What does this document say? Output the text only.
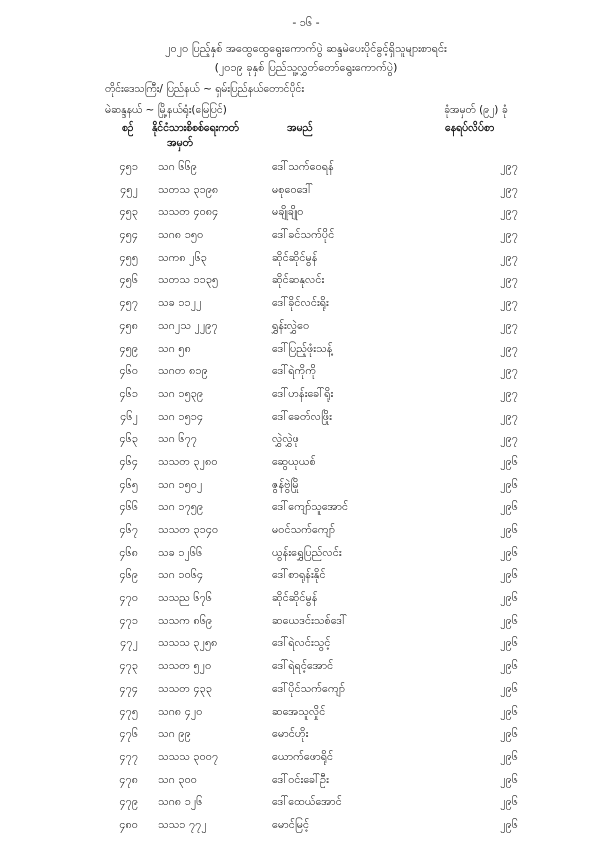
- ၁၆ -
၂၀၂၀ ပြည့်နှစ် အထွေထွေရွေးကောက်ပွဲ ဆန္ဒမဲပေးပိုင်ခွင့်ရှိသူများစာရင်း
(၂၀၁၉ ခုနှစ် ပြည်သူ့လွှတ်တော်ရွေးကောက်ပွဲ)
တိုင်းဒေသကြီး/ ပြည်နယ် ~ ရှမ်းပြည်နယ်တောင်ပိုင်း
မဲဆန္ဒနယ် ~ မြို့နယ်ရုံး(မြေပြင်)	ခုံအမှတ် (၉၂) ခုံ
စဉ် နိုင်ငံသားစိစစ်ရေးကတ်
အမှတ်
အမည်	နေရပ်လိပ်စာ
၄၅၁ သဂ ၆၆၉	ဒေါ်သက်ဝေရန်	၂၉၇
၄၅၂ သတသ ၃၁၉၈	မစုဝေဒေါ်	၂၉၇
၄၅၃ သသတ ၄၀၈၄	မချိုချို၀	၂၉၇
၄၅၄ သဂ၈ ၁၅၀	ဒေါ်ခင်သက်ပိုင်	၂၉၇
၄၅၅ သက၈ ၂၆၃	ဆိုင်ဆိုင်မွန်	၂၉၇
၄၅၆ သတသ ၁၁၃၅	ဆိုင်ဆနုလင်း	၂၉၇
၄၅၇ သခ ၁၁၂၂	ဒေါ်ခိုင်လင်းရိုး	၂၉၇
၄၅၈ သဂ၂သ ၂၂၉၇	ရွှန်းလွှဲဝေ	၂၉၇
၄၅၉ သဂ ၅၈	ဒေါ်ပြည့်ဖုံးသန့်	၂၉၇
၄၆၀ သဂတ ၈၁၉	ဒေါ်ရဲကိုကို	၂၉၇
၄၆၁ သဂ ၁၅၃၉	ဒေါ်ဟန်းခေါ်ရိုး	၂၉၇
၄၆၂ သဂ ၁၅၁၄	ဒေါ်ခေတ်လဖြိုး	၂၉၇
၄၆၃ သဂ ၆၇၇	လွှဲလွှဲဖု	၂၉၇
၄၆၄ သသတ ၃၂၈၀	ဆွေယုယစ်	၂၉၆
၄၆၅ သဂ ၁၅၀၂	ဇွန်ဗွဲမြို	၂၉၆
၄၆၆ သဂ ၁၇၅၉	ဒေါ်ကျော်သူအောင်	၂၉၆
၄၆၇ သသတ ၃၁၄၀	မဝင်သက်ကျော်	၂၉၆
၄၆၈ သခ ၁၂၆၆	ယွန်းရွှေပြည်လင်း	၂၉၆
၄၆၉ သဂ ၁၀၆၄	ဒေါ်စာရုန်းနိုင်	၂၉၆
၄၇၀ သသည ၆၇၆	ဆိုင်ဆိုင်မွန်	၂၉၆
၄၇၁ သသက ၈၆၉	ဆယေဒင်းသစ်ဒေါ်	၂၉၆
၄၇၂ သသသ ၃၂၅၈	ဒေါ်ရဲလင်းသွင့်	၂၉၆
၄၇၃ သသတ ၅၂၀	ဒေါ်ရဲရင့်အောင်	၂၉၆
၄၇၄ သသတ ၄၃၃	ဒေါ်ပိုင်သက်ကျော်	၂၉၆
၄၇၅ သဂ၈ ၄၂၀	ဆအေသူလှိုင်	၂၉၆
၄၇၆ သဂ ၉၉	မောင်ဟိုး	၂၉၆
၄၇၇ သသသ ၃၀၀၇	ယောက်ဖောရိုင်	၂၉၆
၄၇၈ သဂ ၃၀၀	ဒေါ်ဝင်းခေါ်ဦး	၂၉၆
၄၇၉ သဂ၈ ၁၂၆	ဒေါ်ထေယ်အောင်	၂၉၆
၄၈၀ သသ၁ ၇၇၂	မောင်မြင့်	၂၉၆
